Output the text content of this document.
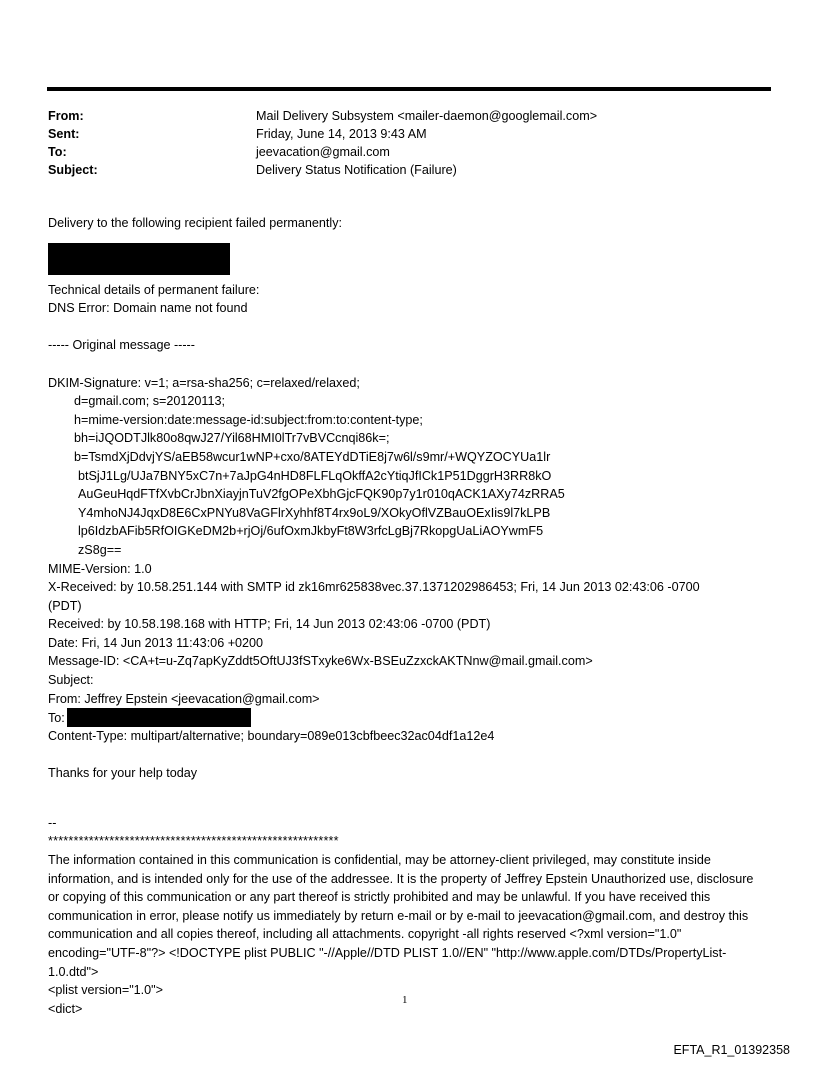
From:	Mail Delivery Subsystem <mailer-daemon@googlemail.com>
Sent:	Friday, June 14, 2013 9:43 AM
To:	jeevacation@gmail.com
Subject:	Delivery Status Notification (Failure)
Delivery to the following recipient failed permanently:
Technical details of permanent failure:
DNS Error: Domain name not found
----- Original message -----
DKIM-Signature: v=1; a=rsa-sha256; c=relaxed/relaxed;
d=gmail.com; s=20120113;
h=mime-version:date:message-id:subject:from:to:content-type;
bh=iJQODTJlk80o8qwJ27/Yil68HMI0lTr7vBVCcnqi86k=;
b=TsmdXjDdvjYS/aEB58wcur1wNP+cxo/8ATEYdDTiE8j7w6l/s9mr/+WQYZOCYUa1lr
btSjJ1Lg/UJa7BNY5xC7n+7aJpG4nHD8FLFLqOkffA2cYtiqJfICk1P51DggrH3RR8kO
AuGeuHqdFTfXvbCrJbnXiayjnTuV2fgOPeXbhGjcFQK90p7y1r010qACK1AXy74zRRA5
Y4mhoNJ4JqxD8E6CxPNYu8VaGFlrXyhhf8T4rx9oL9/XOkyOflVZBauOExIis9l7kLPB
lp6IdzbAFib5RfOIGKeDM2b+rjOj/6ufOxmJkbyFt8W3rfcLgBj7RkopgUaLiAOYwmF5
zS8g==
MIME-Version: 1.0
X-Received: by 10.58.251.144 with SMTP id zk16mr625838vec.37.1371202986453; Fri, 14 Jun 2013 02:43:06 -0700
(PDT)
Received: by 10.58.198.168 with HTTP; Fri, 14 Jun 2013 02:43:06 -0700 (PDT)
Date: Fri, 14 Jun 2013 11:43:06 +0200
Message-ID: <CA+t=u-Zq7apKyZddt5OftUJ3fSTxyke6Wx-BSEuZzxckAKTNnw@mail.gmail.com>
Subject:
From: Jeffrey Epstein <jeevacation@gmail.com>
To:
Content-Type: multipart/alternative; boundary=089e013cbfbeec32ac04df1a12e4
Thanks for your help today
--
*********************************************************
The information contained in this communication is confidential, may be attorney-client privileged, may constitute inside information, and is intended only for the use of the addressee. It is the property of Jeffrey Epstein Unauthorized use, disclosure or copying of this communication or any part thereof is strictly prohibited and may be unlawful. If you have received this communication in error, please notify us immediately by return e-mail or by e-mail to jeevacation@gmail.com, and destroy this communication and all copies thereof, including all attachments. copyright -all rights reserved <?xml version="1.0" encoding="UTF-8"?> <!DOCTYPE plist PUBLIC "-//Apple//DTD PLIST 1.0//EN" "http://www.apple.com/DTDs/PropertyList-1.0.dtd">
<plist version="1.0">
<dict>
1
EFTA_R1_01392358
